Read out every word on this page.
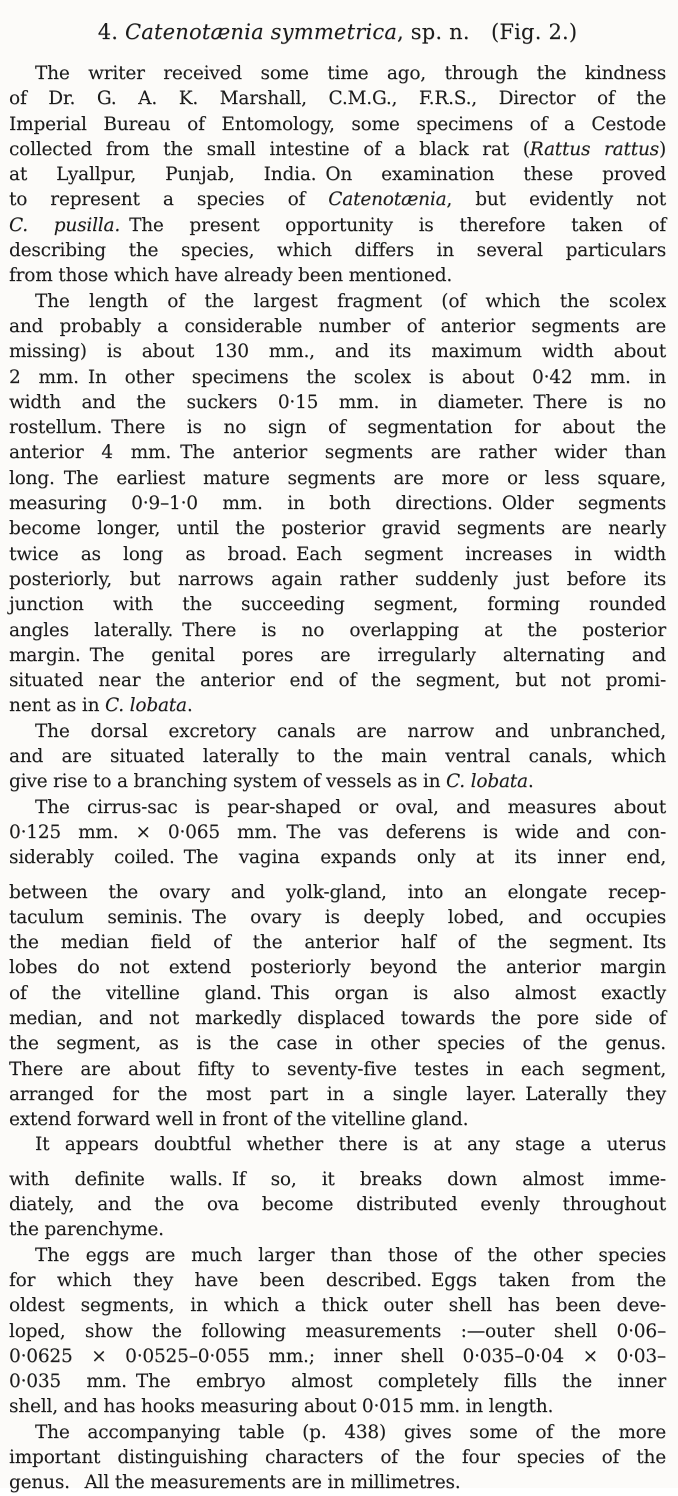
4. Catenotænia symmetrica, sp. n. (Fig. 2.)
The writer received some time ago, through the kindness
of Dr. G. A. K. Marshall, C.M.G., F.R.S., Director of the
Imperial Bureau of Entomology, some specimens of a Cestode
collected from the small intestine of a black rat (Rattus rattus)
at Lyallpur, Punjab, India. On examination these proved
to represent a species of Catenotænia, but evidently not
C. pusilla. The present opportunity is therefore taken of
describing the species, which differs in several particulars
from those which have already been mentioned.
The length of the largest fragment (of which the scolex
and probably a considerable number of anterior segments are
missing) is about 130 mm., and its maximum width about
2 mm. In other specimens the scolex is about 0·42 mm. in
width and the suckers 0·15 mm. in diameter. There is no
rostellum. There is no sign of segmentation for about the
anterior 4 mm. The anterior segments are rather wider than
long. The earliest mature segments are more or less square,
measuring 0·9–1·0 mm. in both directions. Older segments
become longer, until the posterior gravid segments are nearly
twice as long as broad. Each segment increases in width
posteriorly, but narrows again rather suddenly just before its
junction with the succeeding segment, forming rounded
angles laterally. There is no overlapping at the posterior
margin. The genital pores are irregularly alternating and
situated near the anterior end of the segment, but not promi-
nent as in C. lobata.
The dorsal excretory canals are narrow and unbranched,
and are situated laterally to the main ventral canals, which
give rise to a branching system of vessels as in C. lobata.
The cirrus-sac is pear-shaped or oval, and measures about
0·125 mm. × 0·065 mm. The vas deferens is wide and con-
siderably coiled. The vagina expands only at its inner end,
between the ovary and yolk-gland, into an elongate recep-
taculum seminis. The ovary is deeply lobed, and occupies
the median field of the anterior half of the segment. Its
lobes do not extend posteriorly beyond the anterior margin
of the vitelline gland. This organ is also almost exactly
median, and not markedly displaced towards the pore side of
the segment, as is the case in other species of the genus.
There are about fifty to seventy-five testes in each segment,
arranged for the most part in a single layer. Laterally they
extend forward well in front of the vitelline gland.
It appears doubtful whether there is at any stage a uterus
with definite walls. If so, it breaks down almost imme-
diately, and the ova become distributed evenly throughout
the parenchyme.
The eggs are much larger than those of the other species
for which they have been described. Eggs taken from the
oldest segments, in which a thick outer shell has been deve-
loped, show the following measurements :—outer shell 0·06–
0·0625 × 0·0525–0·055 mm.; inner shell 0·035–0·04 × 0·03–
0·035 mm. The embryo almost completely fills the inner
shell, and has hooks measuring about 0·015 mm. in length.
The accompanying table (p. 438) gives some of the more
important distinguishing characters of the four species of the
genus.  All the measurements are in millimetres.
